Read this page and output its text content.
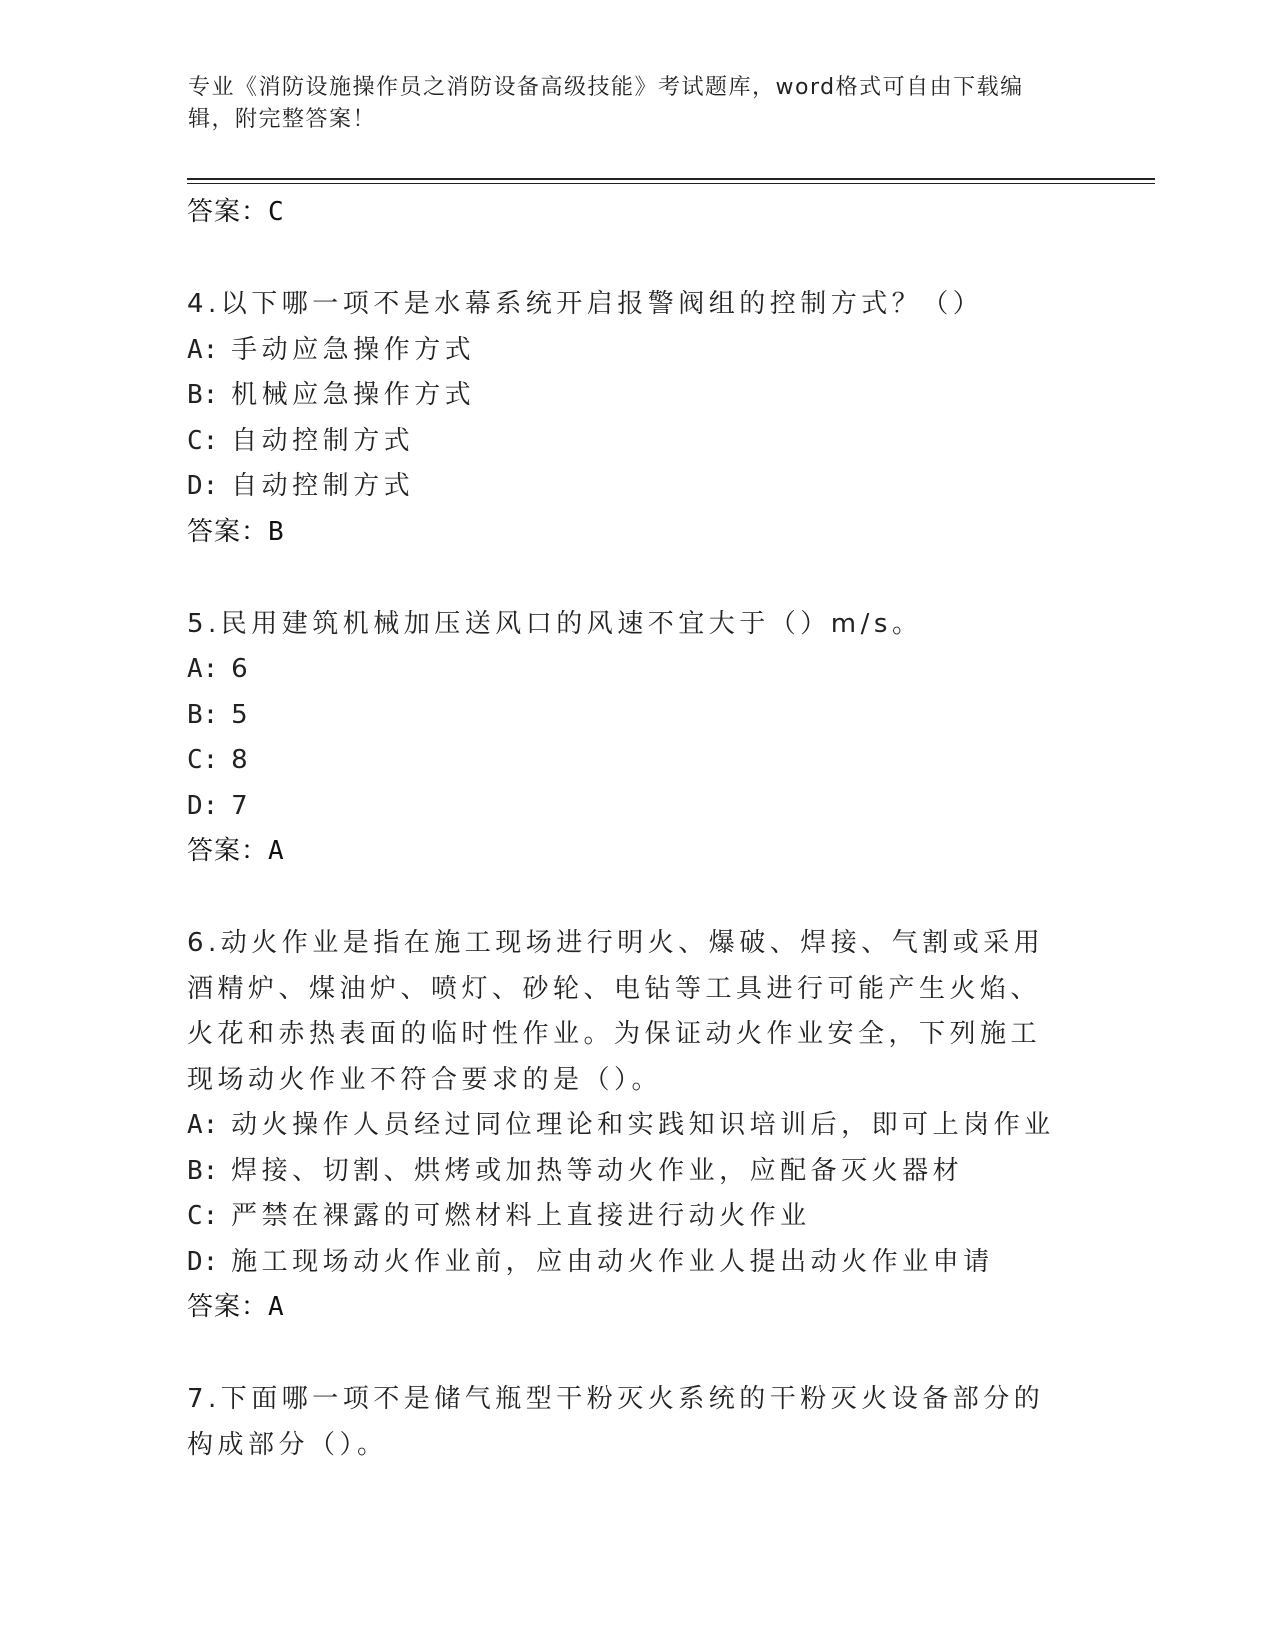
专业《消防设施操作员之消防设备高级技能》考试题库，word格式可自由下载编辑，附完整答案！
答案：C
4.以下哪一项不是水幕系统开启报警阀组的控制方式？（）
A: 手动应急操作方式
B: 机械应急操作方式
C: 自动控制方式
D: 自动控制方式
答案：B
5.民用建筑机械加压送风口的风速不宜大于（）m/s。
A: 6
B: 5
C: 8
D: 7
答案：A
6.动火作业是指在施工现场进行明火、爆破、焊接、气割或采用酒精炉、煤油炉、喷灯、砂轮、电钻等工具进行可能产生火焰、火花和赤热表面的临时性作业。为保证动火作业安全，下列施工现场动火作业不符合要求的是（）。
A: 动火操作人员经过同位理论和实践知识培训后，即可上岗作业
B: 焊接、切割、烘烤或加热等动火作业，应配备灭火器材
C: 严禁在裸露的可燃材料上直接进行动火作业
D: 施工现场动火作业前，应由动火作业人提出动火作业申请
答案：A
7.下面哪一项不是储气瓶型干粉灭火系统的干粉灭火设备部分的构成部分（）。
